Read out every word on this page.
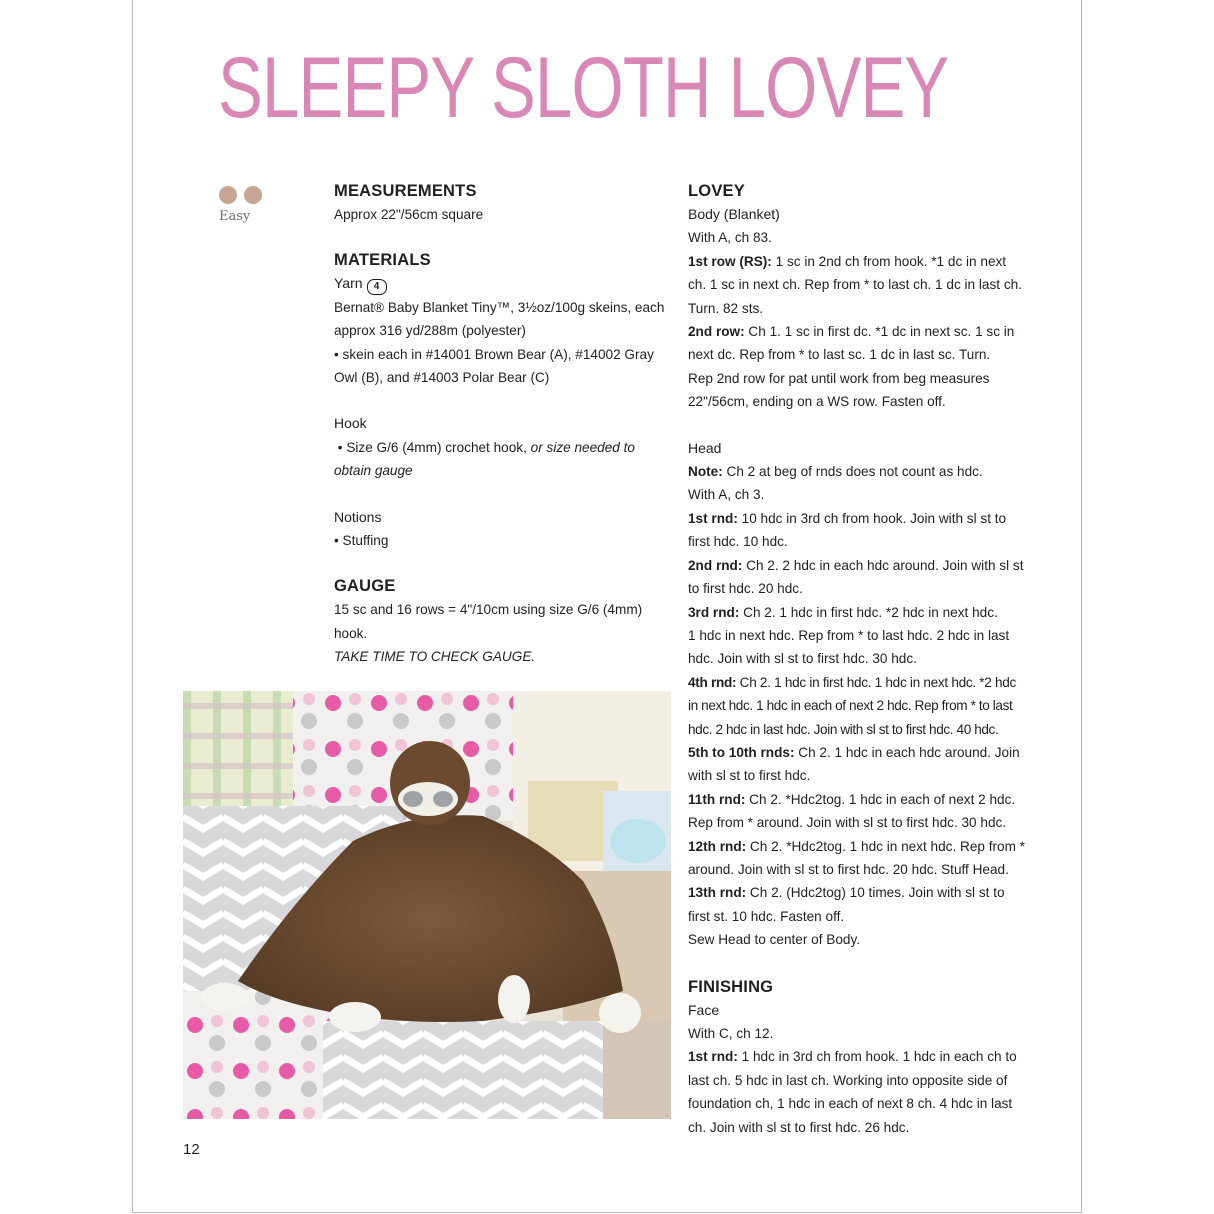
SLEEPY SLOTH LOVEY
Easy
MEASUREMENTS
Approx 22"/56cm square
MATERIALS
Yarn 4
Bernat® Baby Blanket Tiny™, 3½oz/100g skeins, each
approx 316 yd/288m (polyester)
• skein each in #14001 Brown Bear (A), #14002 Gray
Owl (B), and #14003 Polar Bear (C)
Hook
• Size G/6 (4mm) crochet hook, or size needed to
obtain gauge
Notions
• Stuffing
GAUGE
15 sc and 16 rows = 4"/10cm using size G/6 (4mm) hook.
TAKE TIME TO CHECK GAUGE.
LOVEY
Body (Blanket)
With A, ch 83.
1st row (RS): 1 sc in 2nd ch from hook. *1 dc in next
ch. 1 sc in next ch. Rep from * to last ch. 1 dc in last ch.
Turn. 82 sts.
2nd row: Ch 1. 1 sc in first dc. *1 dc in next sc. 1 sc in
next dc. Rep from * to last sc. 1 dc in last sc. Turn.
Rep 2nd row for pat until work from beg measures
22"/56cm, ending on a WS row. Fasten off.
Head
Note: Ch 2 at beg of rnds does not count as hdc.
With A, ch 3.
1st rnd: 10 hdc in 3rd ch from hook. Join with sl st to
first hdc. 10 hdc.
2nd rnd: Ch 2. 2 hdc in each hdc around. Join with sl st
to first hdc. 20 hdc.
3rd rnd: Ch 2. 1 hdc in first hdc. *2 hdc in next hdc.
1 hdc in next hdc. Rep from * to last hdc. 2 hdc in last
hdc. Join with sl st to first hdc. 30 hdc.
4th rnd: Ch 2. 1 hdc in first hdc. 1 hdc in next hdc. *2 hdc
in next hdc. 1 hdc in each of next 2 hdc. Rep from * to last
hdc. 2 hdc in last hdc. Join with sl st to first hdc. 40 hdc.
5th to 10th rnds: Ch 2. 1 hdc in each hdc around. Join
with sl st to first hdc.
11th rnd: Ch 2. *Hdc2tog. 1 hdc in each of next 2 hdc.
Rep from * around. Join with sl st to first hdc. 30 hdc.
12th rnd: Ch 2. *Hdc2tog. 1 hdc in next hdc. Rep from *
around. Join with sl st to first hdc. 20 hdc. Stuff Head.
13th rnd: Ch 2. (Hdc2tog) 10 times. Join with sl st to
first st. 10 hdc. Fasten off.
Sew Head to center of Body.
FINISHING
Face
With C, ch 12.
1st rnd: 1 hdc in 3rd ch from hook. 1 hdc in each ch to
last ch. 5 hdc in last ch. Working into opposite side of
foundation ch, 1 hdc in each of next 8 ch. 4 hdc in last
ch. Join with sl st to first hdc. 26 hdc.
12
